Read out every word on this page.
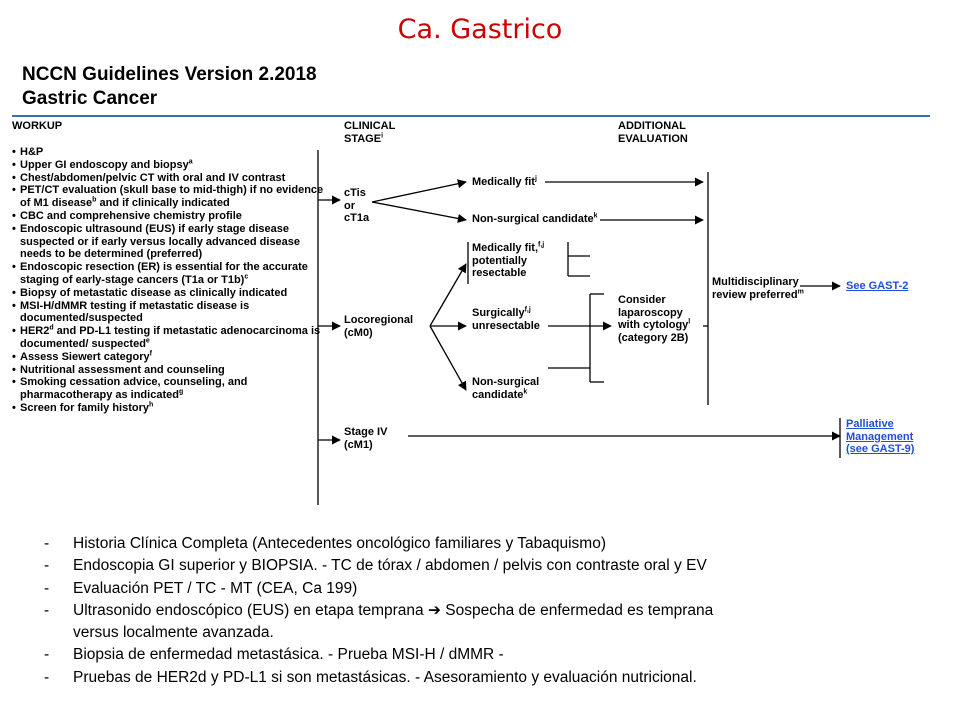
Ca. Gastrico
NCCN Guidelines Version 2.2018
Gastric Cancer
WORKUP	CLINICAL
STAGE$^i$
ADDITIONAL
EVALUATION
• H&P
• Upper GI endoscopy and biopsy$^a$
• Chest/abdomen/pelvic CT with oral and IV contrast
• PET/CT evaluation (skull base to mid-thigh) if no evidence of M1 disease$^b$ and if clinically indicated
• CBC and comprehensive chemistry profile
• Endoscopic ultrasound (EUS) if early stage disease suspected or if early versus locally advanced disease needs to be determined (preferred)
• Endoscopic resection (ER) is essential for the accurate staging of early-stage cancers (T1a or T1b)$^c$
• Biopsy of metastatic disease as clinically indicated
• MSI-H/dMMR testing if metastatic disease is documented/suspected
• HER2$^d$ and PD-L1 testing if metastatic adenocarcinoma is documented/ suspected$^e$
• Assess Siewert category$^f$
• Nutritional assessment and counseling
• Smoking cessation advice, counseling, and pharmacotherapy as indicated$^g$
• Screen for family history$^h$
cTis
or
cT1a
Locoregional
(cM0)
Stage IV
(cM1)
Medically fit$^j$
Non-surgical candidate$^k$
Medically fit,$^{f,j}$
potentially
resectable
Surgically$^{f,j}$
unresectable
Non-surgical
candidate$^k$
Consider
laparoscopy
with cytology$^l$
(category 2B)
Multidisciplinary
review preferred$^m$	See GAST-2
Palliative
Management
(see GAST-9)
- Historia Clínica Completa (Antecedentes oncológico familiares y Tabaquismo)
- Endoscopia GI superior y BIOPSIA. - TC de tórax / abdomen / pelvis con contraste oral y EV
- Evaluación PET / TC - MT (CEA, Ca 199)
- Ultrasonido endoscópico (EUS) en etapa temprana ➔ Sospecha de enfermedad es temprana
versus localmente avanzada.
- Biopsia de enfermedad metastásica. - Prueba MSI-H / dMMR -
- Pruebas de HER2d y PD-L1 si son metastásicas. - Asesoramiento y evaluación nutricional.
